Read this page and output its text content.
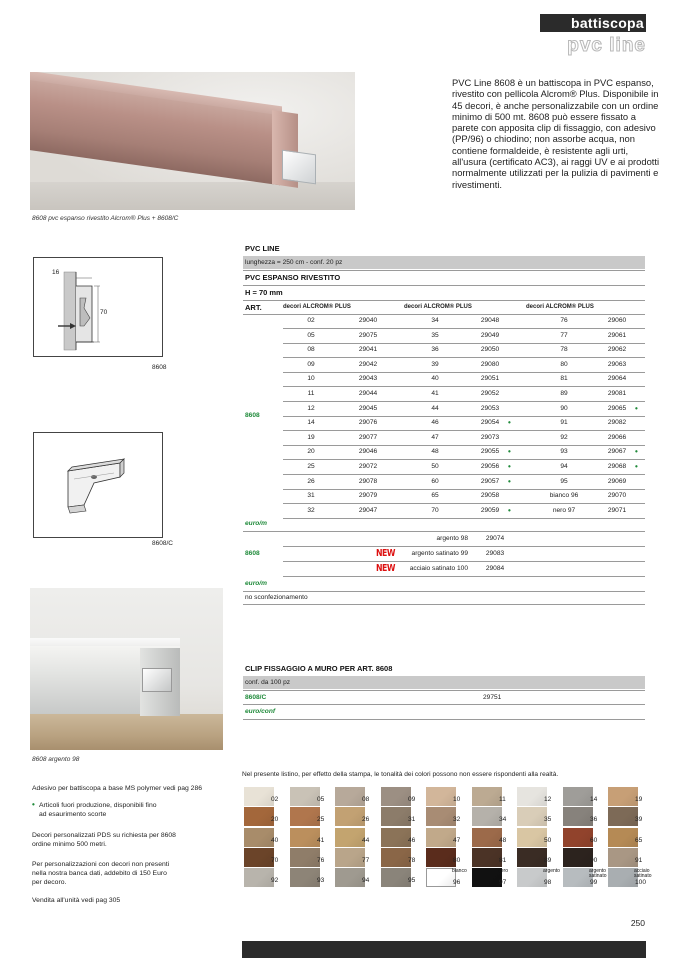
battiscopa
pvc line
8608 pvc espanso rivestito Alcrom® Plus + 8608/C
PVC Line 8608 è un battiscopa in PVC espanso, rivestito con pellicola Alcrom® Plus. Disponibile in 45 decori, è anche personalizzabile con un ordine minimo di 500 mt. 8608 può essere fissato a parete con apposita clip di fissaggio, con adesivo (PP/96) o chiodino; non assorbe acqua, non contiene formaldeide, è resistente agli urti, all'usura (certificato AC3), ai raggi UV e ai prodotti normalmente utilizzati per la pulizia di pavimenti e rivestimenti.
16
70
8608
8608/C
PVC LINE
lunghezza = 250 cm - conf. 20 pz
PVC ESPANSO RIVESTITO
H = 70 mm
ART.	decori ALCROM® PLUS	decori ALCROM® PLUS	decori ALCROM® PLUS
8608
02	29040	34	29048	76	29060
05	29075	35	29049	77	29061
08	29041	36	29050	78	29062
09	29042	39	29080	80	29063
10	29043	40	29051	81	29064
11	29044	41	29052	89	29081
12	29045	44	29053	90	29065	•
14	29076	46	29054	•	91	29082
19	29077	47	29073	92	29066
20	29046	48	29055	•	93	29067	•
25	29072	50	29056	•	94	29068	•
26	29078	60	29057	•	95	29069
31	29079	65	29058	bianco 96	29070
32	29047	70	29059	•	nero 97	29071
euro/m
argento 98	29074
NEW	argento satinato 99	29083
NEW	acciaio satinato 100	29084
8608
euro/m
no sconfezionamento
CLIP FISSAGGIO A MURO PER ART. 8608
conf. da 100 pz
8608/C	29751
euro/conf
8608 argento 98
Adesivo per battiscopa a base MS polymer vedi pag 286
• Articoli fuori produzione, disponibili fino
ad esaurimento scorte
Decori personalizzati PDS su richiesta per 8608
ordine minimo 500 metri.
Per personalizzazioni con decori non presenti
nella nostra banca dati, addebito di 150 Euro
per decoro.
Vendita all'unità vedi pag 305
Nel presente listino, per effetto della stampa, le tonalità dei colori possono non essere rispondenti alla realtà.
02	05	08	09	10	11	12	14	19
20	25	26	31	32	34	35	36	39
40	41	44	46	47	48	50	60	65
70	76	77	78	80	81	89	90	91
92	93	94	95
bianco
96
nero
97
argento
98
argento satinato
99
acciaio satinato
100
250
